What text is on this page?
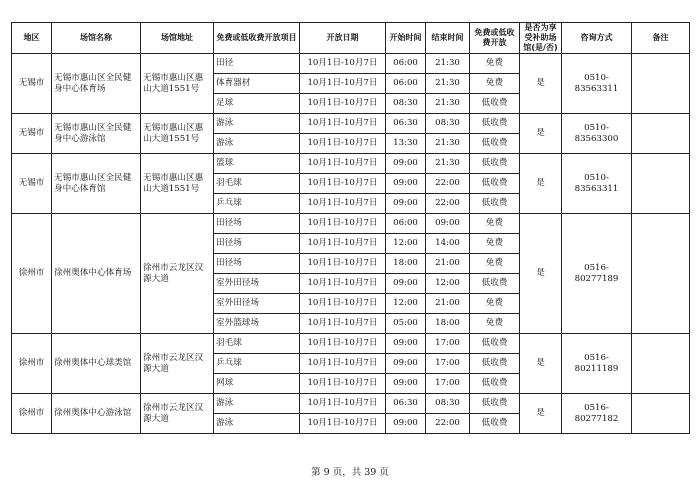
地区	场馆名称	场馆地址	免费或低收费开放项目	开放日期	开始时间	结束时间	免费或低收费开放	是否为享受补助场馆(是/否)	咨询方式	备注
无锡市	无锡市惠山区全民健身中心体育场	无锡市惠山区惠山大道1551号	田径	10月1日-10月7日	06:00	21:30	免费	是	0510-83563311	
			体育器材	10月1日-10月7日	06:00	21:30	免费			
			足球	10月1日-10月7日	08:30	21:30	低收费			
无锡市	无锡市惠山区全民健身中心游泳馆	无锡市惠山区惠山大道1551号	游泳	10月1日-10月7日	06:30	08:30	低收费	是	0510-83563300	
			游泳	10月1日-10月7日	13:30	21:30	低收费			
无锡市	无锡市惠山区全民健身中心体育馆	无锡市惠山区惠山大道1551号	篮球	10月1日-10月7日	09:00	21:30	低收费	是	0510-83563311	
			羽毛球	10月1日-10月7日	09:00	22:00	低收费			
			乒乓球	10月1日-10月7日	09:00	22:00	低收费			
徐州市	徐州奥体中心体育场	徐州市云龙区汉源大道	田径场	10月1日-10月7日	06:00	09:00	免费	是	0516-80277189	
			田径场	10月1日-10月7日	12:00	14:00	免费			
			田径场	10月1日-10月7日	18:00	21:00	免费			
			室外田径场	10月1日-10月7日	09:00	12:00	低收费			
			室外田径场	10月1日-10月7日	12:00	21:00	免费			
			室外篮球场	10月1日-10月7日	05:00	18:00	免费			
徐州市	徐州奥体中心球类馆	徐州市云龙区汉源大道	羽毛球	10月1日-10月7日	09:00	17:00	低收费	是	0516-80211189	
			乒乓球	10月1日-10月7日	09:00	17:00	低收费			
			网球	10月1日-10月7日	09:00	17:00	低收费			
徐州市	徐州奥体中心游泳馆	徐州市云龙区汉源大道	游泳	10月1日-10月7日	06:30	08:30	低收费	是	0516-80277182	
			游泳	10月1日-10月7日	09:00	22:00	低收费			
第 9 页，共 39 页
